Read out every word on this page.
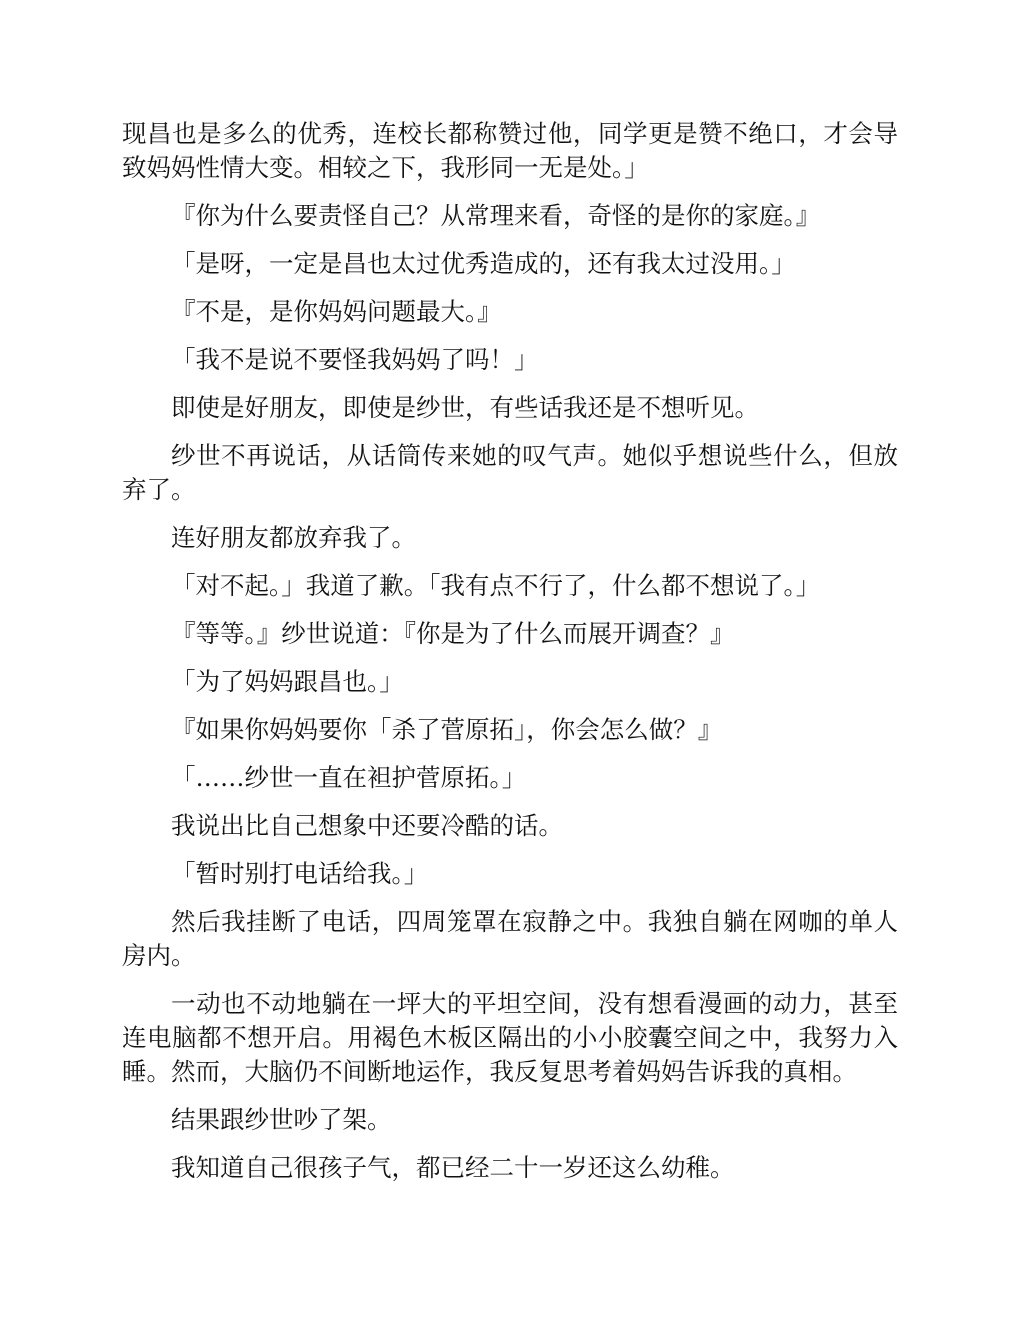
现昌也是多么的优秀，连校长都称赞过他，同学更是赞不绝口，才会导致妈妈性情大变。相较之下，我形同一无是处。」

『你为什么要责怪自己？从常理来看，奇怪的是你的家庭。』

「是呀，一定是昌也太过优秀造成的，还有我太过没用。」

『不是，是你妈妈问题最大。』

「我不是说不要怪我妈妈了吗！」

即使是好朋友，即使是纱世，有些话我还是不想听见。

纱世不再说话，从话筒传来她的叹气声。她似乎想说些什么，但放弃了。

连好朋友都放弃我了。

「对不起。」我道了歉。「我有点不行了，什么都不想说了。」

『等等。』纱世说道：『你是为了什么而展开调查？』

「为了妈妈跟昌也。」

『如果你妈妈要你「杀了菅原拓」，你会怎么做？』

「……纱世一直在袒护菅原拓。」

我说出比自己想象中还要冷酷的话。

「暂时别打电话给我。」

然后我挂断了电话，四周笼罩在寂静之中。我独自躺在网咖的单人房内。

一动也不动地躺在一坪大的平坦空间，没有想看漫画的动力，甚至连电脑都不想开启。用褐色木板区隔出的小小胶囊空间之中，我努力入睡。然而，大脑仍不间断地运作，我反复思考着妈妈告诉我的真相。

结果跟纱世吵了架。

我知道自己很孩子气，都已经二十一岁还这么幼稚。
